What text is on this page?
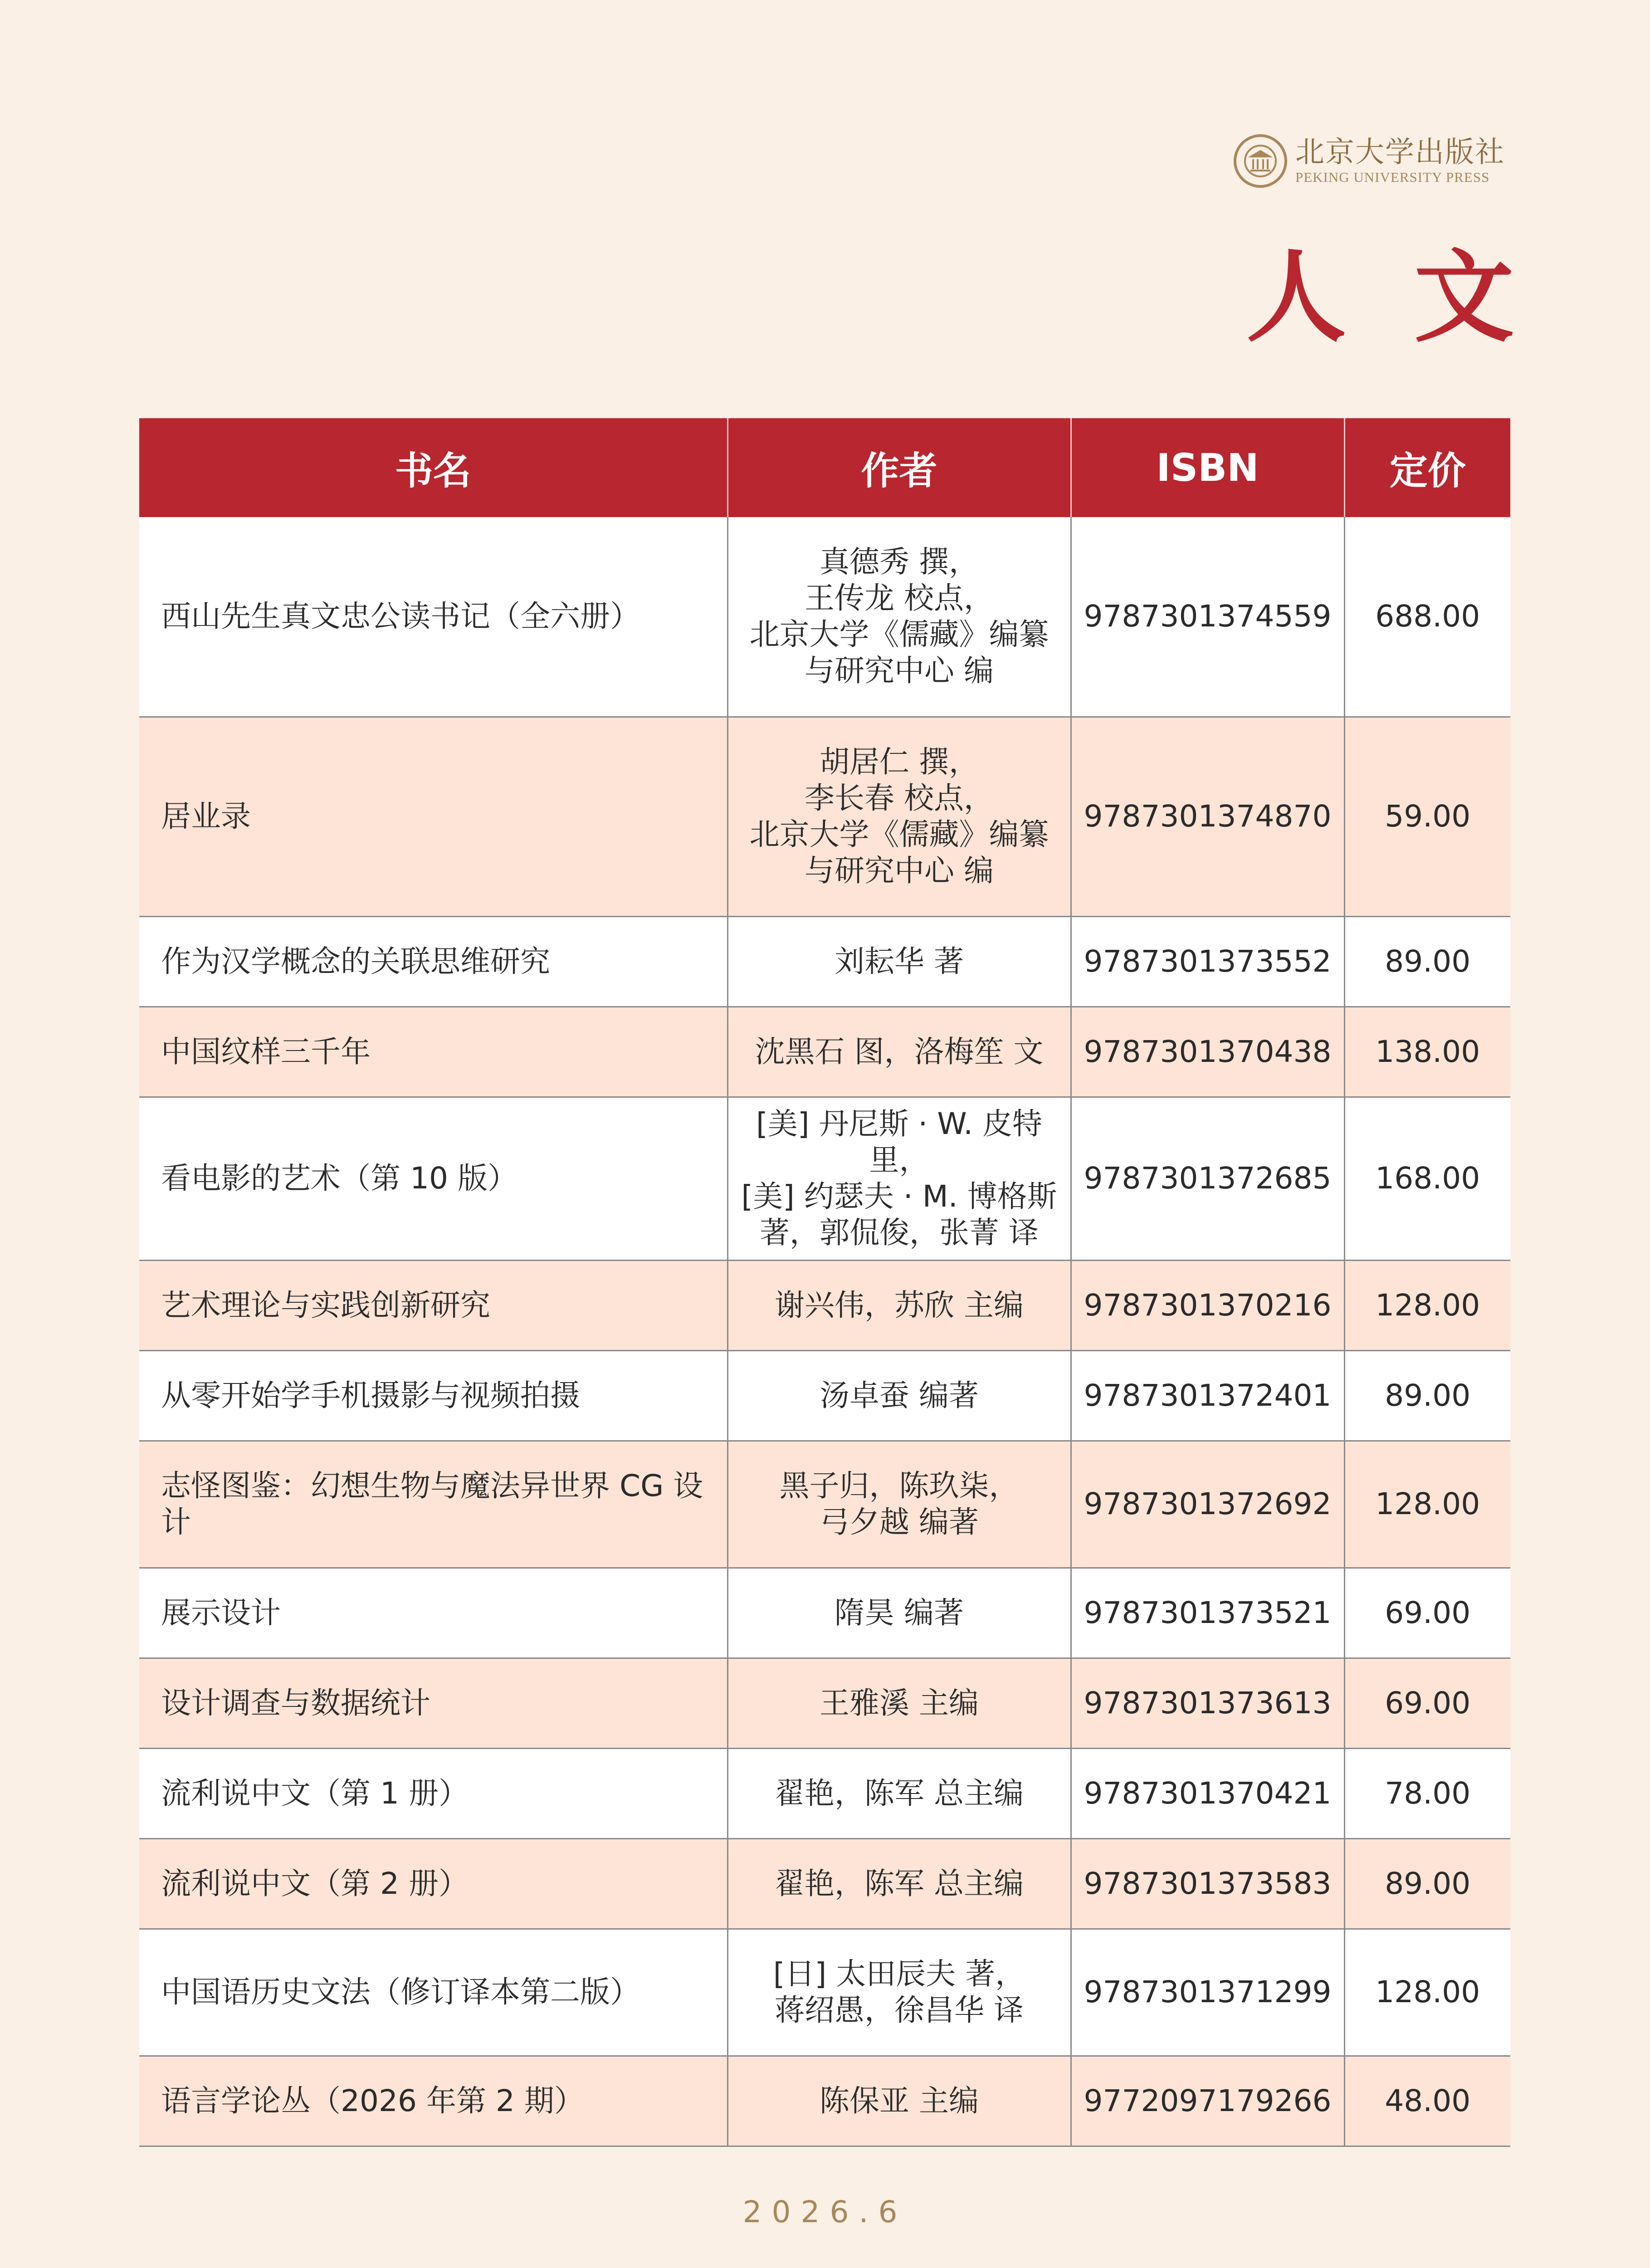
北京大学出版社
PEKING UNIVERSITY PRESS
人文
书名	作者	ISBN	定价
西山先生真文忠公读书记（全六册）	真德秀 撰，
王传龙 校点，
北京大学《儒藏》编纂
与研究中心 编	9787301374559	688.00
居业录	胡居仁 撰，
李长春 校点，
北京大学《儒藏》编纂
与研究中心 编	9787301374870	59.00
作为汉学概念的关联思维研究	刘耘华 著	9787301373552	89.00
中国纹样三千年	沈黑石 图，洛梅笙 文	9787301370438	138.00
看电影的艺术（第 10 版）	[美] 丹尼斯 · W. 皮特里，
[美] 约瑟夫 · M. 博格斯
著，郭侃俊，张菁 译	9787301372685	168.00
艺术理论与实践创新研究	谢兴伟，苏欣 主编	9787301370216	128.00
从零开始学手机摄影与视频拍摄	汤卓蚕 编著	9787301372401	89.00
志怪图鉴：幻想生物与魔法异世界 CG 设计	黑子归，陈玖柒，
弓夕越 编著	9787301372692	128.00
展示设计	隋昊 编著	9787301373521	69.00
设计调查与数据统计	王雅溪 主编	9787301373613	69.00
流利说中文（第 1 册）	翟艳，陈军 总主编	9787301370421	78.00
流利说中文（第 2 册）	翟艳，陈军 总主编	9787301373583	89.00
中国语历史文法（修订译本第二版）	[日] 太田辰夫 著，
蒋绍愚，徐昌华 译	9787301371299	128.00
语言学论丛（2026 年第 2 期）	陈保亚 主编	9772097179266	48.00
2026.6
